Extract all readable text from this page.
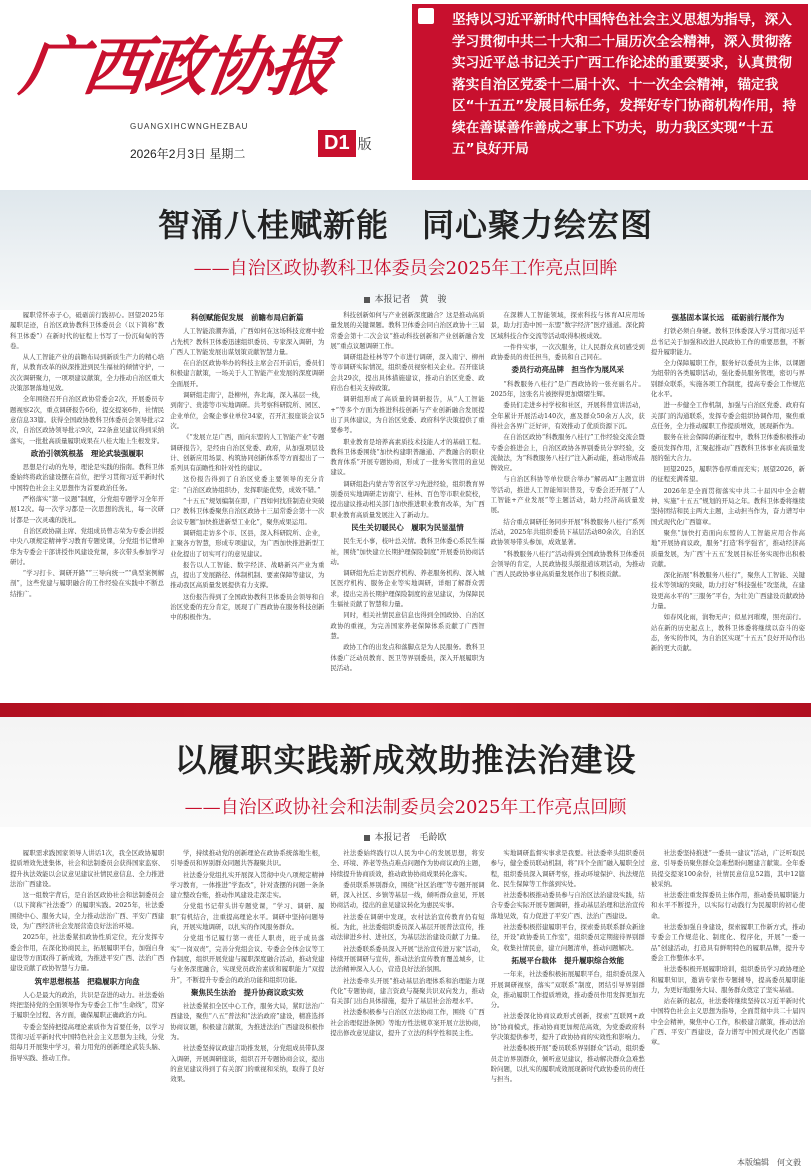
广西政协报
GUANGXIHCWNGHEZBAU
2026年2月3日 星期二	D1 版
坚持以习近平新时代中国特色社会主义思想为指导，深入学习贯彻中共二十大和二十届历次全会精神，深入贯彻落实习近平总书记关于广西工作论述的重要要求，认真贯彻落实自治区党委十二届十次、十一次全会精神，锚定我区“十五五”发展目标任务，发挥好专门协商机构作用，持续在善谋善作善成之事上下功夫，助力我区实现“十五五”良好开局
智涌八桂赋新能　同心聚力绘宏图
——自治区政协教科卫体委员会2025年工作亮点回眸
本报记者　黄　骏

履职常怀赤子心，砥砺前行践初心。回望2025年履职足迹，自治区政协教科卫体委员会（以下简称“教科卫体委”）在新时代的征程上书写了一份沉甸甸的答卷。

从人工智能产业的前瞻布局到新质生产力的精心培育，从教育改革的纵深推进到民生福祉的倾情守护，一次次调研聚力，一项项建议献策，全力推动自治区重大决策部署落地见效。

全年围绕召开自治区政协常委会2次，开展委员专题视察2次，重点调研报告6份，提交提案6件，社情民意信息33篇。获得全国政协教科卫体委员会领导批示2次，自治区政协领导批示9次，22条意见建议得到采纳落实，一批批高质量履职成果在八桂大地上生根发芽。

政治引领筑根基　理论武装强履职

思想是行动的先导，理论是实践的指南。教科卫体委始终将政治建设摆在首位，把学习贯彻习近平新时代中国特色社会主义思想作为首要政治任务。

严格落实“第一议题”制度，分党组专题学习全年开展12次。每一次学习都是一次思想的洗礼，每一次研讨都是一次灵魂的洗礼。

自治区政协副主席、党组成员曾志荣为专委会讲授中央八项规定精神学习教育专题党课，分党组书记曹坤华为专委会干部讲授作风建设党课，多次带头参加学习研讨。

“学习打卡、调研开路”“三导向统一”“典型案例解剖”，这些党建与履职融合的工作经验在实践中不断总结推广。

科创赋能促发展　前瞻布局启新篇

人工智能浪潮奔涌，广西如何在这场科技竞赛中抢占先机？教科卫体委迅速组织委员、专家深入调研，为广西人工智能发展出谋划策贡献智慧力量。

在自治区政协举办的科技主席会召开前后，委员们积极建言献策，一场关于人工智能产业发展的深度调研全面展开。

调研组走南宁，赴柳州，奔北海，深入基层一线，到南宁、贵港等市实地调研。共考察科研院所、园区、企业单位，会聚企事业单位34家，召开汇报座谈会议5次。

《“发展立足广西，面向东盟的人工智能产业”专题调研报告》，是经由自治区党委、政府，从加强项层设计、创新应用场景、构筑协同创新体系等方面提出了一系列具有前瞻性和针对性的建议。

这份报告得到了自治区党委主要领导的充分肯定：“自治区政协组织办，发挥职能优势，成效不错。”

“十五五”规划编制在即，广西如何找准制造业突破口？教科卫体委聚焦自治区政协十三届常委会第十一次会议专题“加快推进新型工业化”，聚焦成果运用。

调研组走访多个市、区县，深入科研院所、企业，汇聚各方智慧，形成专项建议，为广西加快推进新型工业化提出了切实可行的意见建议。

报告以人工智能、数字经济、战略新兴产业为重点，提出了发展路径、体制机制、要素保障等建议，为推动我区高质量发展提供有力支撑。

这份报告得到了全国政协教科卫体委员会领导和自治区党委的充分肯定，展现了广西政协在服务科技创新中的积极作为。

科技创新如何与产业创新深度融合？这是推动高质量发展的关键课题。教科卫体委会同自治区政协十三届常委会第十二次会议“推动科技创新和产业创新融合发展”重点议题调研工作。

调研组赴桂林等7个市进行调研，深入南宁、柳州等市调研实际情况，组织委员视察相关企业。召开座谈会共29次，提出具体措施建议，推动自治区党委、政府出台相关支持政策。

调研组形成了高质量的调研报告，从“人工智能+”等多个方面为推进科技创新与产业创新融合发展提出了具体建议，为自治区党委、政府科学决策提供了重要参考。

职业教育是培养高素质技术技能人才的基础工程。教科卫体委围绕“加快构建职普融通、产教融合的职业教育体系”开展专题协商，形成了一批务实管用的意见建议。

调研组赴内蒙古等省区学习先进经验，组织教育界别委员实地调研走访南宁、桂林、百色等市职业院校，提出建议推动相关部门加快推进职业教育改革，为广西职业教育高质量发展注入了新动力。

民生关切暖民心　履职为民显温情

民生无小事，枝叶总关情。教科卫体委心系民生福祉，围绕“加快建立长期护理保险制度”开展委员协商活动。

调研组先后走访医疗机构、养老服务机构、深入城区医疗机构、服务企业等实地调研，详细了解群众需求，提出完善长期护理保险制度的意见建议，为保障民生福祉贡献了智慧和力量。

同时，相关社情民意信息也得到全国政协、自治区政协的重视，为完善国家养老保障体系贡献了广西智慧。

政协工作的出发点和落脚点是为人民服务。教科卫体委广泛动员教育、医卫等界别委员，深入开展履职为民活动。

在深耕人工智能领域，探索科技与体育AI应用场景，助力打造中国一东盟“数字经济”医疗通道。深化跨区域科技合作交流等活动取得积极成效。

一件件实事，一次次服务，让人民群众真切感受到政协委员的责任担当，委员和自己同在。

委员行动亮品牌　担当作为展风采

“科教服务八桂行”是广西政协的一张亮丽名片。2025年，这张名片被擦得更加熠熠生辉。

委员们走进乡村学校和社区，开展科普宣讲活动，全年累计开展活动140次，惠及群众50余万人次，获得社会各界广泛好评，有效推动了优质资源下沉。

在自治区政协“科教服务八桂行”工作经验交流会暨专委会推进会上，自治区政协各界别委员分享经验，交流做法，为“科教服务八桂行”注入新动能，推动形成品牌效应。

与自治区科协等单位联合举办“解码AI”主题宣讲等活动，推进人工智能知识普及，专委会还开展了“人工智能+产业发展”等主题活动，助力经济高质量发展。

结合重点调研任务同步开展“科教服务八桂行”系列活动，2025年共组织委员下基层活动80余次，自治区政协领导带头参加，成效显著。

“科教服务八桂行”活动得到全国政协教科卫体委员会领导的肯定，人民政协报头版报道该项活动，为推动广西人民政协事业高质量发展作出了积极贡献。

强基固本谋长远　砥砺前行展作为

打铁必须自身硬。教科卫体委深入学习贯彻习近平总书记关于加强和改进人民政协工作的重要思想，不断提升履职能力。

全力保障履职工作，服务好以委员为主体，以课题为纽带的各类履职活动，强化委员服务管理，密切与界别群众联系，实施各项工作制度，提高专委会工作规范化水平。

进一步健全工作机制，加强与自治区党委、政府有关部门的沟通联系，发挥专委会组织协调作用，聚焦重点任务，全力推动履职工作提质增效，展现新作为。

服务在社会保障的新征程中，教科卫体委积极推动委员发挥作用，汇聚起推动广西教科卫体事业高质量发展的强大合力。

回望2025，履职答卷厚重而充实；展望2026，新的征程充满希望。

2026年是全面贯彻落实中共二十届四中全会精神、实施“十五五”规划的开局之年。教科卫体委将继续坚持团结和民主两大主题，主动担当作为，奋力谱写中国式现代化广西篇章。

聚焦“加快打造面向东盟的人工智能应用合作高地”开展协商议政，服务“打造‘科学强省’，推动经济高质量发展，为广西‘十五五’发展目标任务实现作出积极贡献。

深化拓展“科教服务八桂行”，聚焦人工智能、关键技术等领域的突破，助力打好“科技强桂”攻坚战，在建设更高水平的“三服务”平台，为壮美广西建设贡献政协力量。

如春风化雨，润物无声；似星河璀璨，照亮前行。站在新的历史起点上，教科卫体委将继续以奋斗的姿态，务实的作风，为自治区实现“十五五”良好开局作出新的更大贡献。

以履职实践新成效助推法治建设
——自治区政协社会和法制委员会2025年工作亮点回顾
本报记者　毛龄欧

履职需求践国家领导人讲话1次，我全区政协履职提质增效先进集体，社会和法制委员会获得国家监察、提升执法效能以会议意见建议社情民意信息、全力推进法治广西建设。

这一组数字背后，是自治区政协社会和法制委员会（以下简称“社法委”）的履职实践。2025年，社法委围绕中心、服务大局，全力推动法治广西、平安广西建设，为广西经济社会发展营造良好法治环境。

2025年，社法委紧扣政协性质定位，充分发挥专委会作用，在深化协商民主，拓展履职平台，加强自身建设等方面取得了新成效，为推进平安广西、法治广西建设贡献了政协智慧与力量。

筑牢思想根基　把稳履职方向盘

人心是最大的政治，共识是奋进的动力。社法委始终把坚持党的全面领导作为专委会工作“生命线”，贯穿于履职全过程、各方面，确保履职正确政治方向。

专委会坚持把提高理论素质作为首要任务，以学习贯彻习近平新时代中国特色社会主义思想为主线，分党组每月开展集中学习，着力用党的创新理论武装头脑、指导实践、推动工作。

学，持续推动党的创新理论在政协系统落地生根，引导委员和界别群众同题共答凝聚共识。

社法委分党组扎实开展深入贯彻中央八项规定精神学习教育，一体推进“学查改”，针对查摆的问题一条条建立整改台账，推动作风建设走深走实。

分党组书记带头讲专题党课，“学习、调研、履职”有机结合，注重提高理论水平。调研中坚持问题导向，开展实地调研，以扎实的作风服务群众。

分党组书记履行第一责任人职责，班子成员落实“一岗双责”，完善分党组会议、专委会全体会议等工作制度，组织开展党建与履职深度融合活动，推动党建与业务深度融合，实现党员政治素质和履职能力“双提升”，不断提升专委会的政治功能和组织功能。

聚焦民生法治　提升协商议政实效

社法委紧扣全区中心工作，服务大局，紧盯法治广西建设，聚焦“八五”普法和“法治政府”建设，精准选择协商议题，积极建言献策，为推进法治广西建设积极作为。

社法委坚持议政建言助推发展，分党组成员带队深入调研，开展调研座谈，组织召开专题协商会议，提出的意见建议得到了有关部门的重视和采纳，取得了良好效果。

社法委始终践行以人民为中心的发展思想，将安全、环境、养老等热点难点问题作为协商议政的主题，持续提升协商质效，推动政协协商成果转化落实。

委员联系界别群众，围绕“社区治理”等专题开展调研，深入社区、乡镇等基层一线，倾听群众意见，开展协商活动，提出的意见建议转化为惠民实事。

社法委在调研中发现，农村法治宣传教育仍有短板。为此，社法委组织委员深入基层开展普法宣传，推动法律进乡村、进社区，为基层法治建设贡献了力量。

社法委联系委员深入开展“法治宣传进万家”活动，持续开展调研与宣传，推动法治宣传教育覆盖城乡，让法治精神深入人心，营造良好法治氛围。

社法委牵头开展“推动基层治理体系和治理能力现代化”专题协商，建言资政与凝聚共识双向发力，推动有关部门出台具体措施，提升了基层社会治理水平。

社法委积极参与自治区立法协商工作，围绕《广西社会治理促进条例》等地方性法规草案开展立法协商，提出修改意见建议，提升了立法的科学性和民主性。

实地调研监督实事求是我要。社法委牵头组织委员参与，健全委员联动机制，将“四个全面”融入履职全过程，组织委员深入调研考察，推动环境保护、执法规范化、民生保障等工作落到实处。

社法委积极推动委员参与自治区法治建设实践，结合专委会实际开展专题调研，推动基层治理和法治宣传落地见效，有力促进了平安广西、法治广西建设。

社法委积极搭建履职平台，探索委员联系群众新途径，开设“政协委员工作室”，组织委员定期接待界别群众，收集社情民意，建立问题清单，推动问题解决。

拓展平台载体　提升履职综合效能

一年来，社法委积极拓展履职平台，组织委员深入开展调研视察，落实“双联系”制度，团结引导界别群众，推动履职工作提质增效，推动委员作用发挥更加充分。

社法委深化协商议政形式创新，探索“互联网+政协”协商模式，推动协商更加规范高效，为党委政府科学决策提供参考，提升了政协协商的实效性和影响力。

社法委积极开展“委员联系界别群众”活动，组织委员走访界别群众，倾听意见建议，推动解决群众急难愁盼问题，以扎实的履职成效展现新时代政协委员的责任与担当。

社法委坚持推进“一委员一建议”活动，广泛听取民意、引导委员聚焦群众急难愁盼问题建言献策。全年委员提交提案100余份，社情民意信息52篇，其中12篇被采纳。

社法委注重发挥委员主体作用，推动委员履职能力和水平不断提升，以实际行动践行为民履职的初心使命。

社法委加强自身建设，探索履职工作新方式，推动专委会工作规范化、制度化、程序化，开展“一委一品”创建活动，打造具有鲜明特色的履职品牌，提升专委会工作整体水平。

社法委积极开展履职培训，组织委员学习政协理论和履职知识，邀请专家作专题辅导，提高委员履职能力，为更好地服务大局、服务群众奠定了坚实基础。

站在新的起点，社法委将继续坚持以习近平新时代中国特色社会主义思想为指导，全面贯彻中共二十届四中全会精神，聚焦中心工作，积极建言献策，推动法治广西、平安广西建设，奋力谱写中国式现代化广西篇章。

本版编辑　何文毅
